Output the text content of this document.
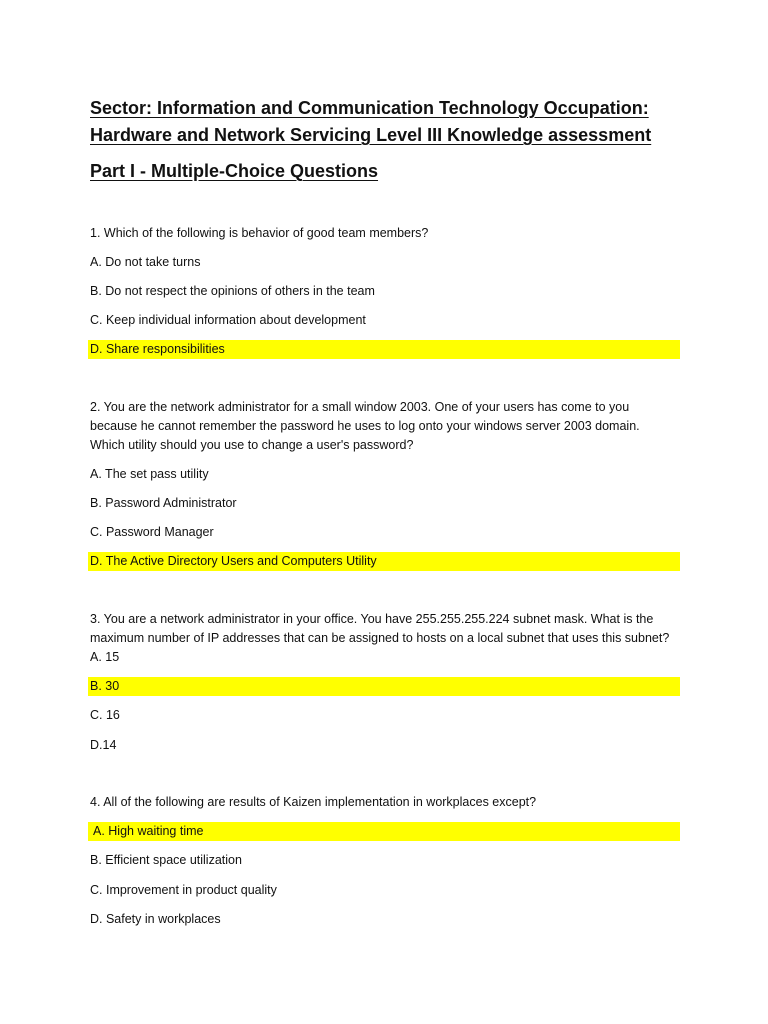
Sector: Information and Communication Technology Occupation: Hardware and Network Servicing Level III Knowledge assessment
Part I - Multiple-Choice Questions
1. Which of the following is behavior of good team members?
A. Do not take turns
B. Do not respect the opinions of others in the team
C. Keep individual information about development
D. Share responsibilities
2. You are the network administrator for a small window 2003. One of your users has come to you
because he cannot remember the password he uses to log onto your windows server 2003 domain.
Which utility should you use to change a user's password?
A. The set pass utility
B. Password Administrator
C. Password Manager
D. The Active Directory Users and Computers Utility
3. You are a network administrator in your office. You have 255.255.255.224 subnet mask. What is the
maximum number of IP addresses that can be assigned to hosts on a local subnet that uses this subnet?
A. 15
B. 30
C. 16
D.14
4. All of the following are results of Kaizen implementation in workplaces except?
A. High waiting time
B. Efficient space utilization
C. Improvement in product quality
D. Safety in workplaces
